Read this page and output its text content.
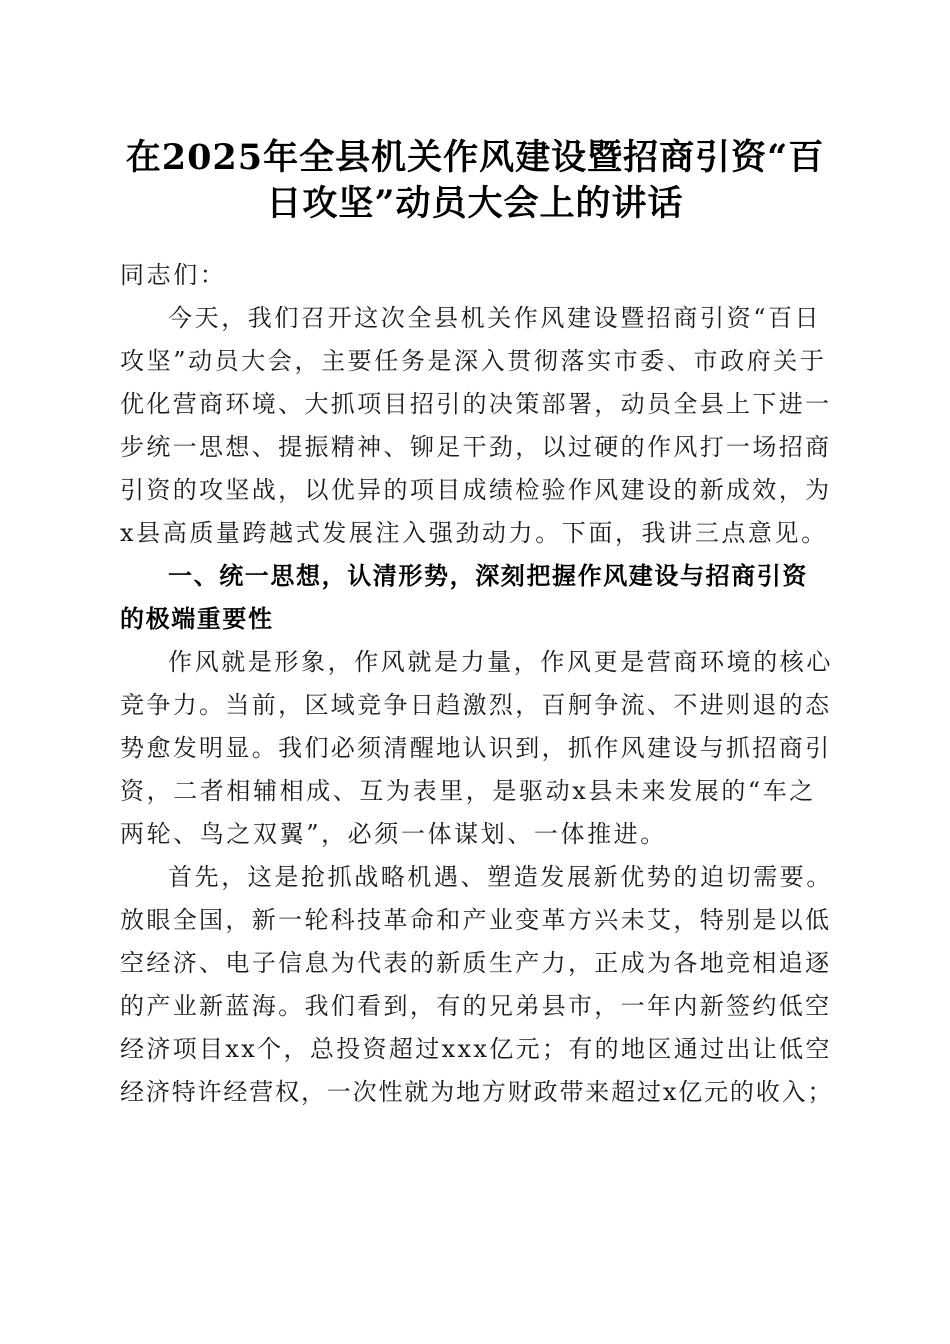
在2025年全县机关作风建设暨招商引资“百
日攻坚”动员大会上的讲话

同志们：

今天，我们召开这次全县机关作风建设暨招商引资“百日
攻坚”动员大会，主要任务是深入贯彻落实市委、市政府关于
优化营商环境、大抓项目招引的决策部署，动员全县上下进一
步统一思想、提振精神、铆足干劲，以过硬的作风打一场招商
引资的攻坚战，以优异的项目成绩检验作风建设的新成效，为
x县高质量跨越式发展注入强劲动力。下面，我讲三点意见。

一、统一思想，认清形势，深刻把握作风建设与招商引资
的极端重要性

作风就是形象，作风就是力量，作风更是营商环境的核心
竞争力。当前，区域竞争日趋激烈，百舸争流、不进则退的态
势愈发明显。我们必须清醒地认识到，抓作风建设与抓招商引
资，二者相辅相成、互为表里，是驱动x县未来发展的“车之
两轮、鸟之双翼”，必须一体谋划、一体推进。

首先，这是抢抓战略机遇、塑造发展新优势的迫切需要。
放眼全国，新一轮科技革命和产业变革方兴未艾，特别是以低
空经济、电子信息为代表的新质生产力，正成为各地竞相追逐
的产业新蓝海。我们看到，有的兄弟县市，一年内新签约低空
经济项目xx个，总投资超过xxx亿元；有的地区通过出让低空
经济特许经营权，一次性就为地方财政带来超过x亿元的收入；
